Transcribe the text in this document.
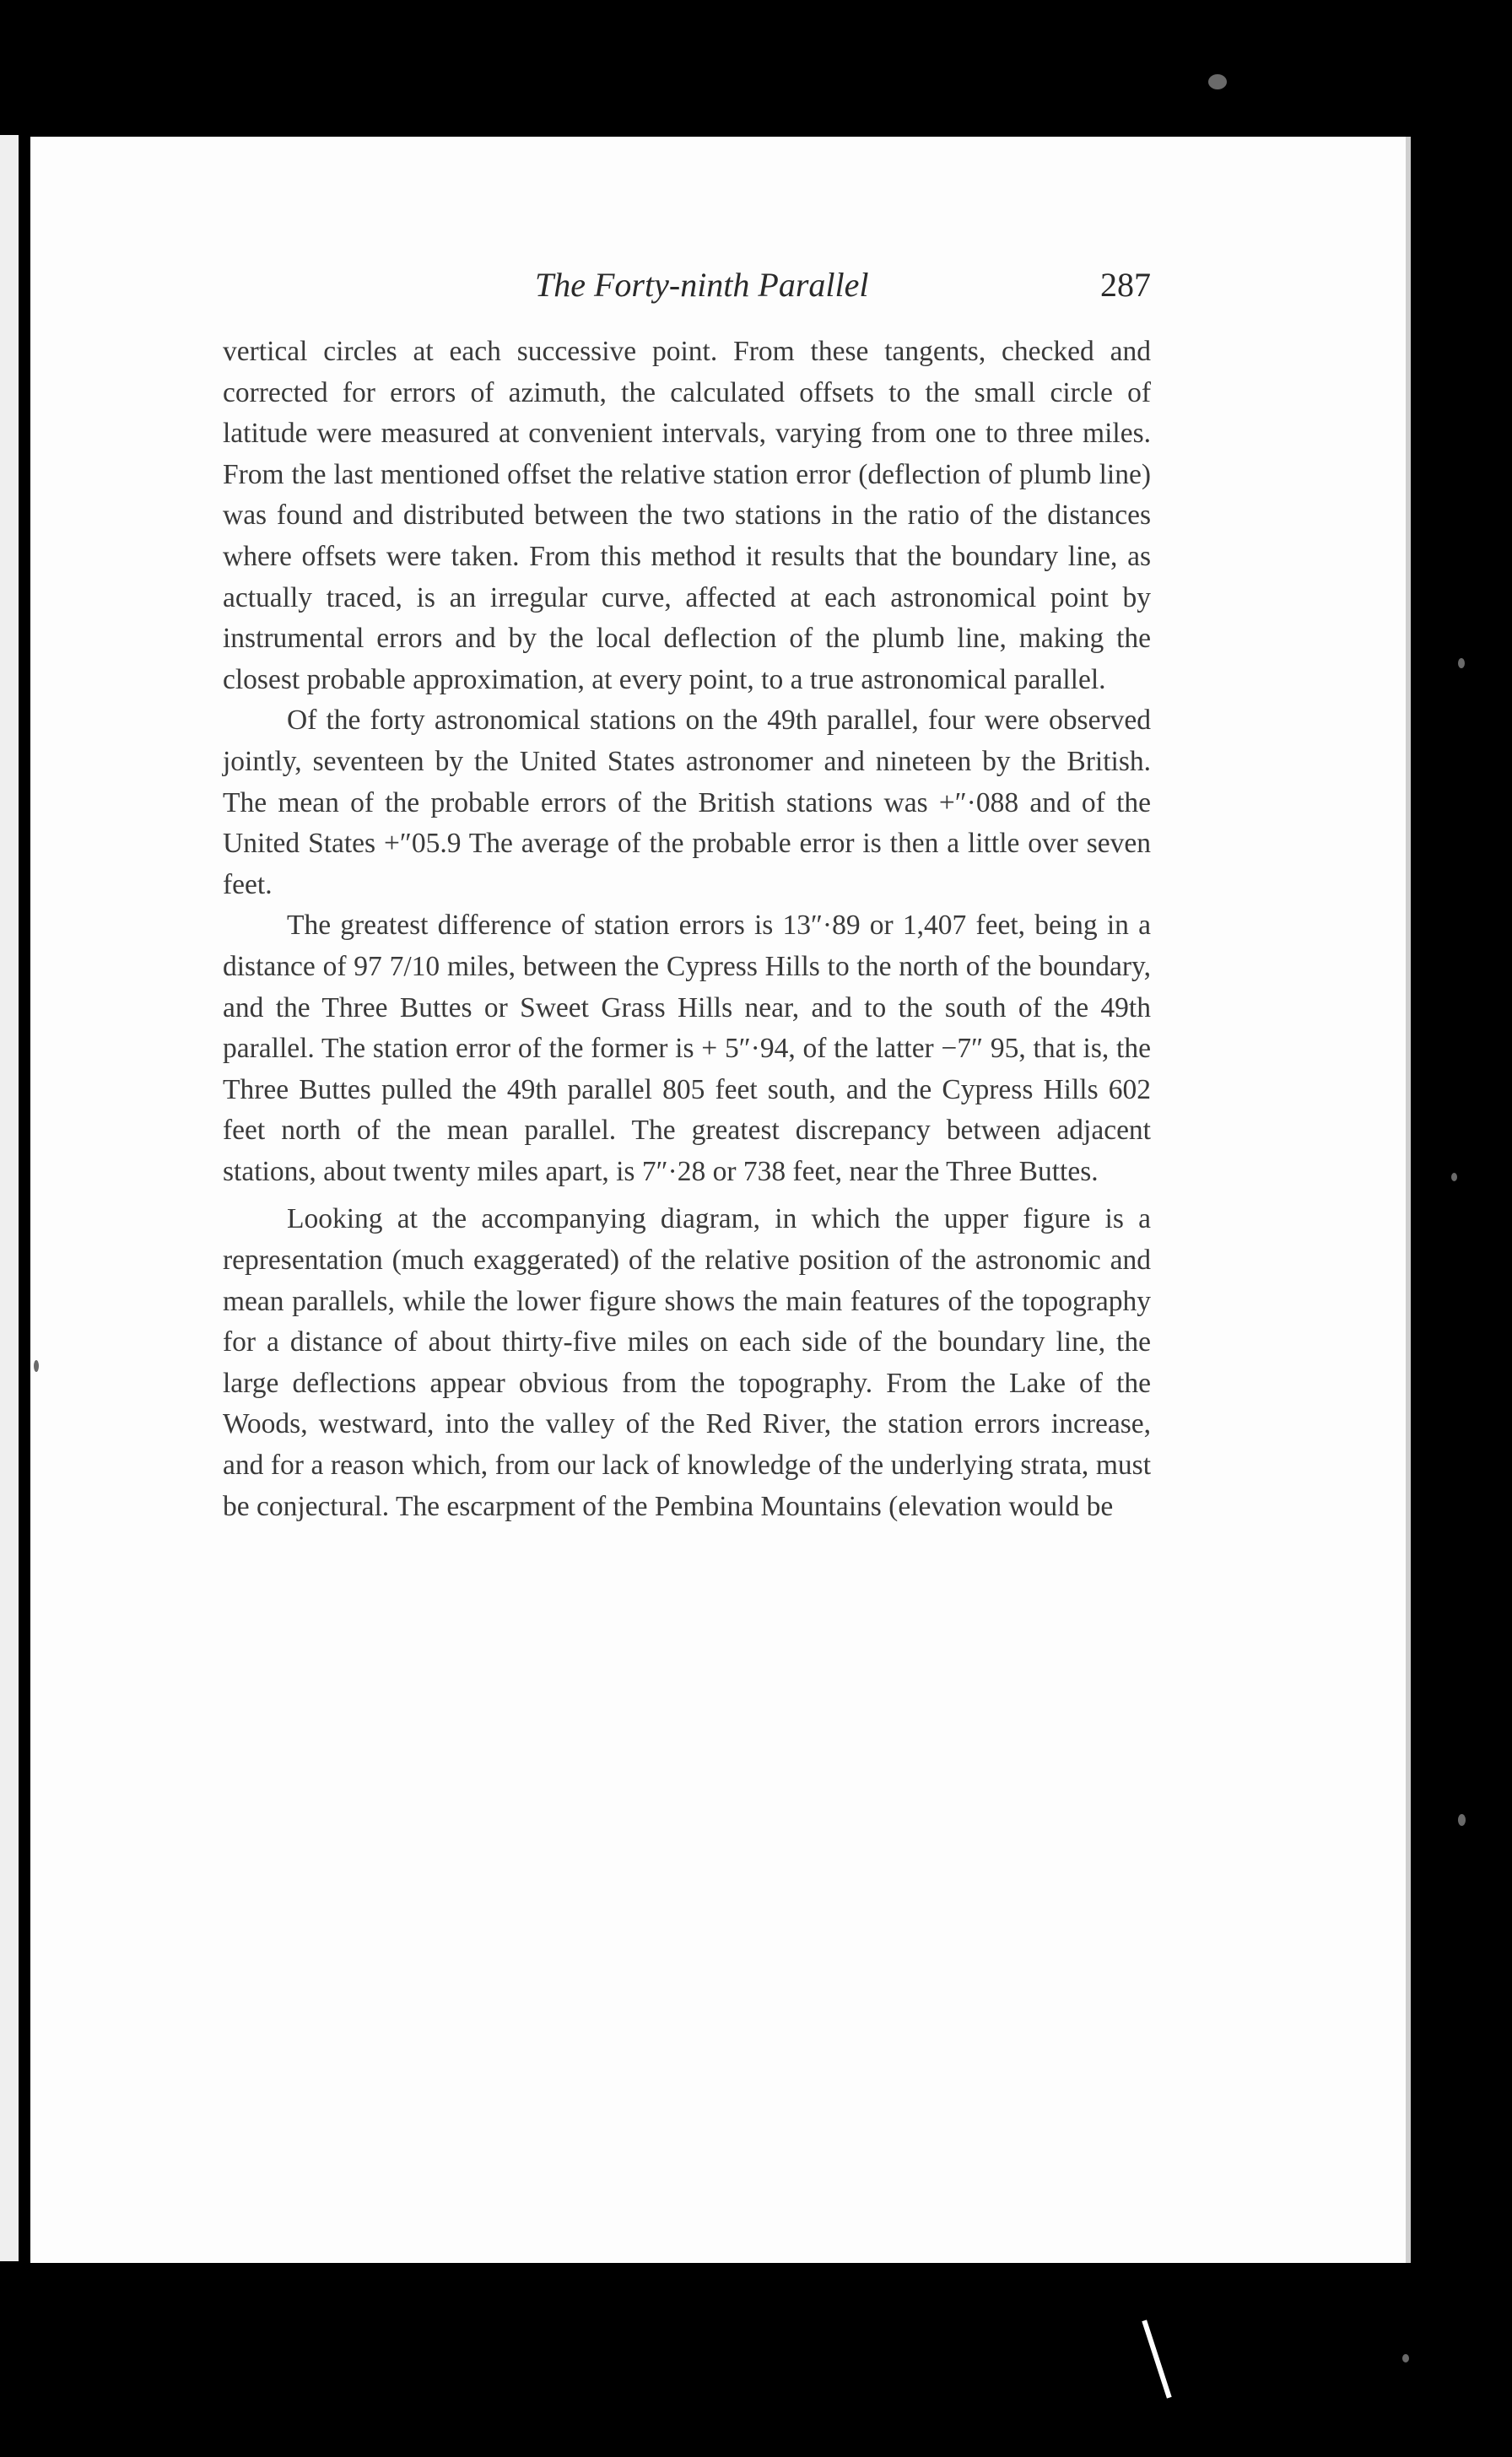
The Forty-ninth Parallel	287

vertical circles at each successive point. From these tangents, checked and corrected for errors of azimuth, the calculated offsets to the small circle of latitude were measured at convenient intervals, varying from one to three miles. From the last mentioned offset the relative station error (deflection of plumb line) was found and distributed between the two stations in the ratio of the distances where offsets were taken. From this method it results that the boundary line, as actually traced, is an irregular curve, affected at each astronomical point by instrumental errors and by the local deflection of the plumb line, making the closest probable approximation, at every point, to a true astronomical parallel.

Of the forty astronomical stations on the 49th parallel, four were observed jointly, seventeen by the United States astronomer and nineteen by the British. The mean of the probable errors of the British stations was +″·088 and of the United States +″05.9 The average of the probable error is then a little over seven feet.

The greatest difference of station errors is 13″·89 or 1,407 feet, being in a distance of 97 7/10 miles, between the Cypress Hills to the north of the boundary, and the Three Buttes or Sweet Grass Hills near, and to the south of the 49th parallel. The station error of the former is + 5″·94, of the latter −7″ 95, that is, the Three Buttes pulled the 49th parallel 805 feet south, and the Cypress Hills 602 feet north of the mean parallel. The greatest discrepancy between adjacent stations, about twenty miles apart, is 7″·28 or 738 feet, near the Three Buttes.

Looking at the accompanying diagram, in which the upper figure is a representation (much exaggerated) of the relative position of the astronomic and mean parallels, while the lower figure shows the main features of the topography for a distance of about thirty-five miles on each side of the boundary line, the large deflections appear obvious from the topography. From the Lake of the Woods, westward, into the valley of the Red River, the station errors increase, and for a reason which, from our lack of knowledge of the underlying strata, must be conjectural. The escarpment of the Pembina Mountains (elevation would be
